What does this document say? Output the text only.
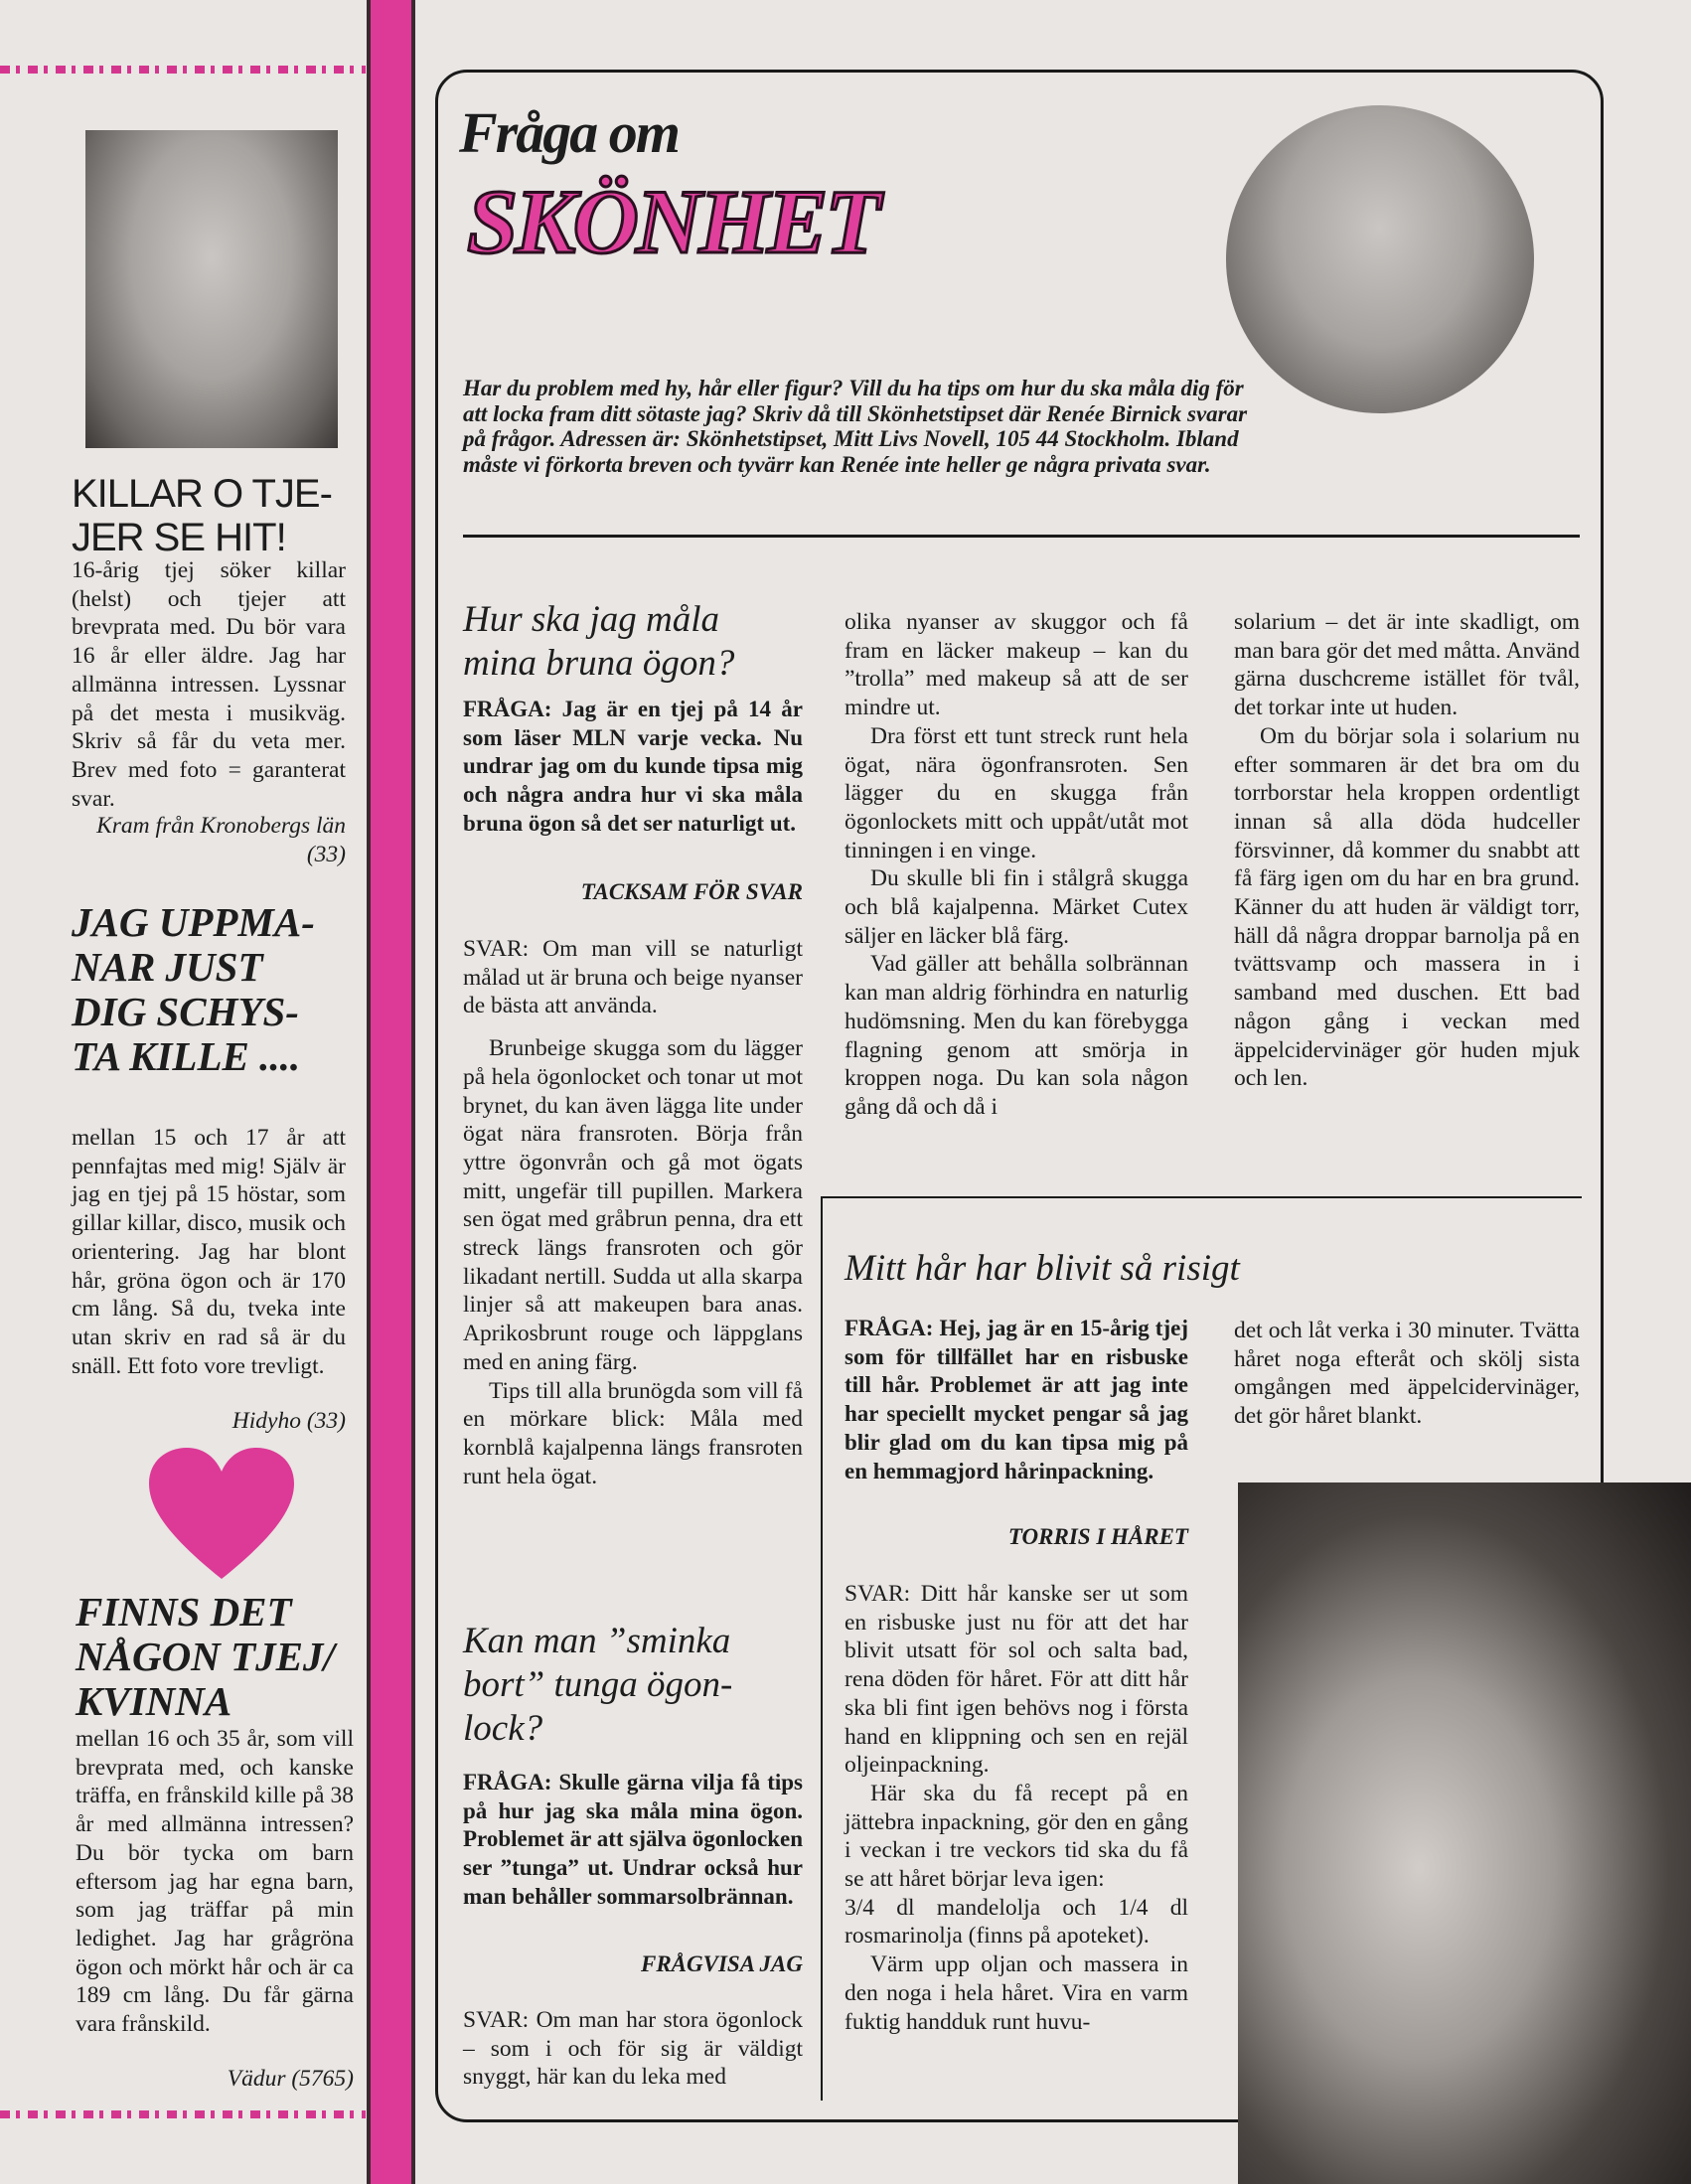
KILLAR O TJE-
JER SE HIT!
16-årig tjej söker killar (helst) och tjejer att brevprata med. Du bör vara 16 år eller äldre. Jag har allmänna intressen. Lyssnar på det mesta i musikväg. Skriv så får du veta mer. Brev med foto = garanterat svar.
Kram från Kronobergs län (33)
JAG UPPMA-
NAR JUST
DIG SCHYS-
TA KILLE ....
mellan 15 och 17 år att pennfajtas med mig! Själv är jag en tjej på 15 höstar, som gillar killar, disco, musik och orientering. Jag har blont hår, gröna ögon och är 170 cm lång. Så du, tveka inte utan skriv en rad så är du snäll. Ett foto vore trevligt.
Hidyho (33)
FINNS DET
NÅGON TJEJ/
KVINNA
mellan 16 och 35 år, som vill brevprata med, och kanske träffa, en frånskild kille på 38 år med allmänna intressen? Du bör tycka om barn eftersom jag har egna barn, som jag träffar på min ledighet. Jag har grågröna ögon och mörkt hår och är ca 189 cm lång. Du får gärna vara frånskild.
Vädur (5765)
Fråga om
SKÖNHET
Har du problem med hy, hår eller figur? Vill du ha tips om hur du ska måla dig för att locka fram ditt sötaste jag? Skriv då till Skönhetstipset där Renée Birnick svarar på frågor. Adressen är: Skönhetstipset, Mitt Livs Novell, 105 44 Stockholm. Ibland måste vi förkorta breven och tyvärr kan Renée inte heller ge några privata svar.
Hur ska jag måla
mina bruna ögon?
FRÅGA: Jag är en tjej på 14 år som läser MLN varje vecka. Nu undrar jag om du kunde tipsa mig och några andra hur vi ska måla bruna ögon så det ser naturligt ut.
TACKSAM FÖR SVAR

SVAR: Om man vill se naturligt målad ut är bruna och beige nyanser de bästa att använda.

Brunbeige skugga som du lägger på hela ögonlocket och tonar ut mot brynet, du kan även lägga lite under ögat nära fransroten. Börja från yttre ögonvrån och gå mot ögats mitt, ungefär till pupillen. Markera sen ögat med gråbrun penna, dra ett streck längs fransroten och gör likadant nertill. Sudda ut alla skarpa linjer så att makeupen bara anas. Aprikosbrunt rouge och läppglans med en aning färg.

Tips till alla brunögda som vill få en mörkare blick: Måla med kornblå kajalpenna längs fransroten runt hela ögat.

Kan man ”sminka
bort” tunga ögon-
lock?
FRÅGA: Skulle gärna vilja få tips på hur jag ska måla mina ögon. Problemet är att själva ögonlocken ser ”tunga” ut. Undrar också hur man behåller sommarsolbrännan.
FRÅGVISA JAG

SVAR: Om man har stora ögonlock – som i och för sig är väldigt snyggt, här kan du leka med

olika nyanser av skuggor och få fram en läcker makeup – kan du ”trolla” med makeup så att de ser mindre ut.

Dra först ett tunt streck runt hela ögat, nära ögonfransroten. Sen lägger du en skugga från ögonlockets mitt och uppåt/utåt mot tinningen i en vinge.

Du skulle bli fin i stålgrå skugga och blå kajalpenna. Märket Cutex säljer en läcker blå färg.

Vad gäller att behålla solbrännan kan man aldrig förhindra en naturlig hudömsning. Men du kan förebygga flagning genom att smörja in kroppen noga. Du kan sola någon gång då och då i

solarium – det är inte skadligt, om man bara gör det med måtta. Använd gärna duschcreme istället för tvål, det torkar inte ut huden.

Om du börjar sola i solarium nu efter sommaren är det bra om du torrborstar hela kroppen ordentligt innan så alla döda hudceller försvinner, då kommer du snabbt att få färg igen om du har en bra grund. Känner du att huden är väldigt torr, häll då några droppar barnolja på en tvättsvamp och massera in i samband med duschen. Ett bad någon gång i veckan med äppelcidervinäger gör huden mjuk och len.

Mitt hår har blivit så risigt
FRÅGA: Hej, jag är en 15-årig tjej som för tillfället har en risbuske till hår. Problemet är att jag inte har speciellt mycket pengar så jag blir glad om du kan tipsa mig på en hemmagjord hårinpackning.
TORRIS I HÅRET

SVAR: Ditt hår kanske ser ut som en risbuske just nu för att det har blivit utsatt för sol och salta bad, rena döden för håret. För att ditt hår ska bli fint igen behövs nog i första hand en klippning och sen en rejäl oljeinpackning.

Här ska du få recept på en jättebra inpackning, gör den en gång i veckan i tre veckors tid ska du få se att håret börjar leva igen:

3/4 dl mandelolja och 1/4 dl rosmarinolja (finns på apoteket).

Värm upp oljan och massera in den noga i hela håret. Vira en varm fuktig handduk runt huvu-

det och låt verka i 30 minuter. Tvätta håret noga efteråt och skölj sista omgången med äppelcidervinäger, det gör håret blankt.
